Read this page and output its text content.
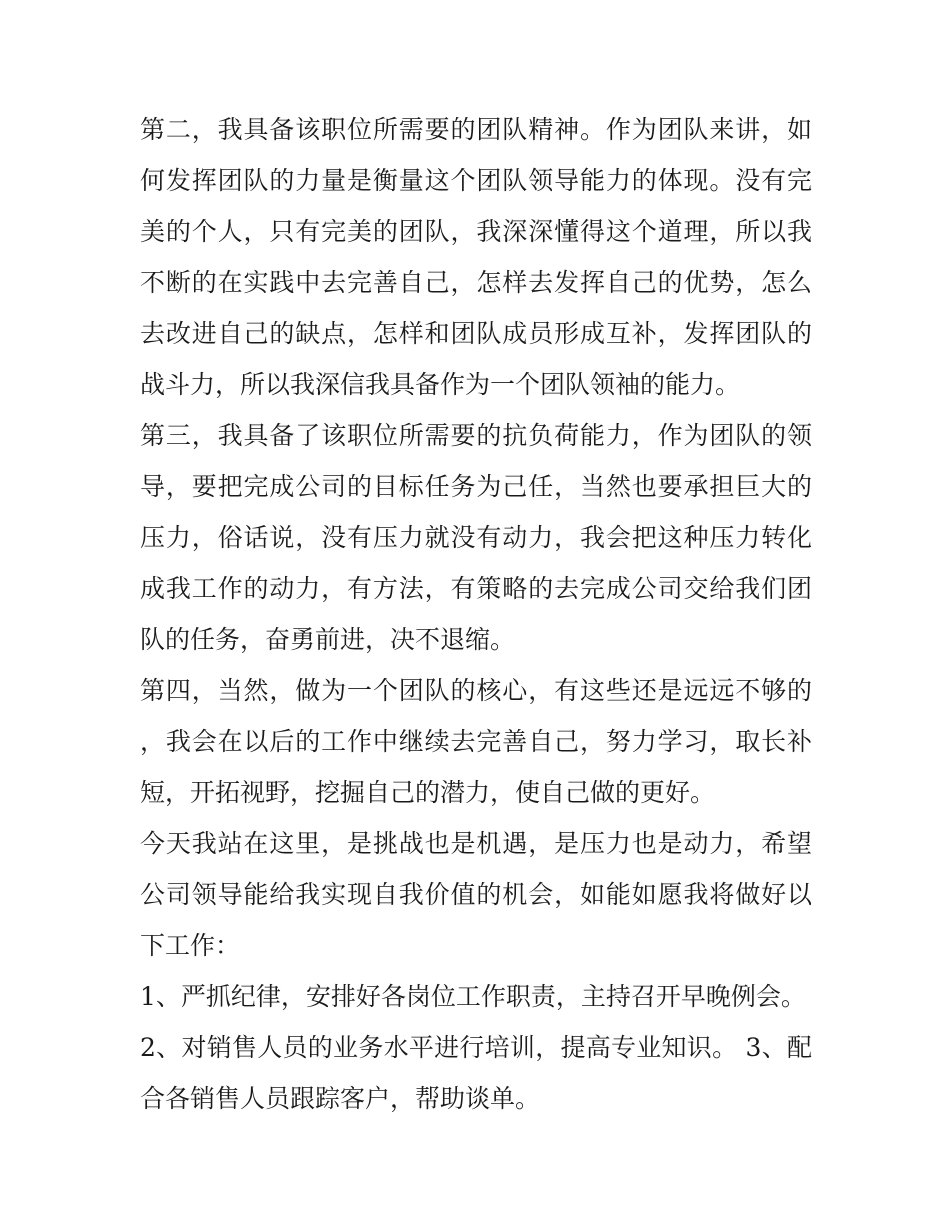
第二，我具备该职位所需要的团队精神。作为团队来讲，如何发挥团队的力量是衡量这个团队领导能力的体现。没有完美的个人，只有完美的团队，我深深懂得这个道理，所以我不断的在实践中去完善自己，怎样去发挥自己的优势，怎么去改进自己的缺点，怎样和团队成员形成互补，发挥团队的战斗力，所以我深信我具备作为一个团队领袖的能力。

第三，我具备了该职位所需要的抗负荷能力，作为团队的领导，要把完成公司的目标任务为己任，当然也要承担巨大的压力，俗话说，没有压力就没有动力，我会把这种压力转化成我工作的动力，有方法，有策略的去完成公司交给我们团队的任务，奋勇前进，决不退缩。

第四，当然，做为一个团队的核心，有这些还是远远不够的，我会在以后的工作中继续去完善自己，努力学习，取长补短，开拓视野，挖掘自己的潜力，使自己做的更好。

今天我站在这里，是挑战也是机遇，是压力也是动力，希望公司领导能给我实现自我价值的机会，如能如愿我将做好以下工作：

1、严抓纪律，安排好各岗位工作职责，主持召开早晚例会。

2、对销售人员的业务水平进行培训，提高专业知识。 3、配合各销售人员跟踪客户，帮助谈单。
